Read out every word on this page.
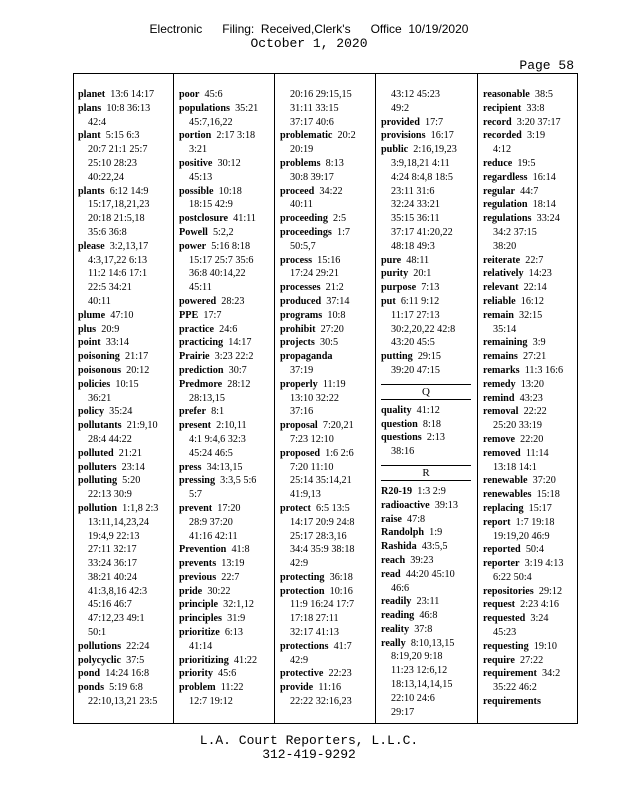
Electronic      Filing:  Received,Clerk's      Office  10/19/2020
October 1, 2020
Page 58
planet 13:6 14:17
plans 10:8 36:13
42:4
plant 5:15 6:3
20:7 21:1 25:7
25:10 28:23
40:22,24
plants 6:12 14:9
15:17,18,21,23
20:18 21:5,18
35:6 36:8
please 3:2,13,17
4:3,17,22 6:13
11:2 14:6 17:1
22:5 34:21
40:11
plume 47:10
plus 20:9
point 33:14
poisoning 21:17
poisonous 20:12
policies 10:15
36:21
policy 35:24
pollutants 21:9,10
28:4 44:22
polluted 21:21
polluters 23:14
polluting 5:20
22:13 30:9
pollution 1:1,8 2:3
13:11,14,23,24
19:4,9 22:13
27:11 32:17
33:24 36:17
38:21 40:24
41:3,8,16 42:3
45:16 46:7
47:12,23 49:1
50:1
pollutions 22:24
polycyclic 37:5
pond 14:24 16:8
ponds 5:19 6:8
22:10,13,21 23:5
poor 45:6
populations 35:21
45:7,16,22
portion 2:17 3:18
3:21
positive 30:12
45:13
possible 10:18
18:15 42:9
postclosure 41:11
Powell 5:2,2
power 5:16 8:18
15:17 25:7 35:6
36:8 40:14,22
45:11
powered 28:23
PPE 17:7
practice 24:6
practicing 14:17
Prairie 3:23 22:2
prediction 30:7
Predmore 28:12
28:13,15
prefer 8:1
present 2:10,11
4:1 9:4,6 32:3
45:24 46:5
press 34:13,15
pressing 3:3,5 5:6
5:7
prevent 17:20
28:9 37:20
41:16 42:11
Prevention 41:8
prevents 13:19
previous 22:7
pride 30:22
principle 32:1,12
principles 31:9
prioritize 6:13
41:14
prioritizing 41:22
priority 45:6
problem 11:22
12:7 19:12
20:16 29:15,15
31:11 33:15
37:17 40:6
problematic 20:2
20:19
problems 8:13
30:8 39:17
proceed 34:22
40:11
proceeding 2:5
proceedings 1:7
50:5,7
process 15:16
17:24 29:21
processes 21:2
produced 37:14
programs 10:8
prohibit 27:20
projects 30:5
propaganda
37:19
properly 11:19
13:10 32:22
37:16
proposal 7:20,21
7:23 12:10
proposed 1:6 2:6
7:20 11:10
25:14 35:14,21
41:9,13
protect 6:5 13:5
14:17 20:9 24:8
25:17 28:3,16
34:4 35:9 38:18
42:9
protecting 36:18
protection 10:16
11:9 16:24 17:7
17:18 27:11
32:17 41:13
protections 41:7
42:9
protective 22:23
provide 11:16
22:22 32:16,23
43:12 45:23
49:2
provided 17:7
provisions 16:17
public 2:16,19,23
3:9,18,21 4:11
4:24 8:4,8 18:5
23:11 31:6
32:24 33:21
35:15 36:11
37:17 41:20,22
48:18 49:3
pure 48:11
purity 20:1
purpose 7:13
put 6:11 9:12
11:17 27:13
30:2,20,22 42:8
43:20 45:5
putting 29:15
39:20 47:15
Q
quality 41:12
question 8:18
questions 2:13
38:16
R
R20-19 1:3 2:9
radioactive 39:13
raise 47:8
Randolph 1:9
Rashida 43:5,5
reach 39:23
read 44:20 45:10
46:6
readily 23:11
reading 46:8
reality 37:8
really 8:10,13,15
8:19,20 9:18
11:23 12:6,12
18:13,14,14,15
22:10 24:6
29:17
reasonable 38:5
recipient 33:8
record 3:20 37:17
recorded 3:19
4:12
reduce 19:5
regardless 16:14
regular 44:7
regulation 18:14
regulations 33:24
34:2 37:15
38:20
reiterate 22:7
relatively 14:23
relevant 22:14
reliable 16:12
remain 32:15
35:14
remaining 3:9
remains 27:21
remarks 11:3 16:6
remedy 13:20
remind 43:23
removal 22:22
25:20 33:19
remove 22:20
removed 11:14
13:18 14:1
renewable 37:20
renewables 15:18
replacing 15:17
report 1:7 19:18
19:19,20 46:9
reported 50:4
reporter 3:19 4:13
6:22 50:4
repositories 29:12
request 2:23 4:16
requested 3:24
45:23
requesting 19:10
require 27:22
requirement 34:2
35:22 46:2
requirements
L.A. Court Reporters, L.L.C.
312-419-9292
